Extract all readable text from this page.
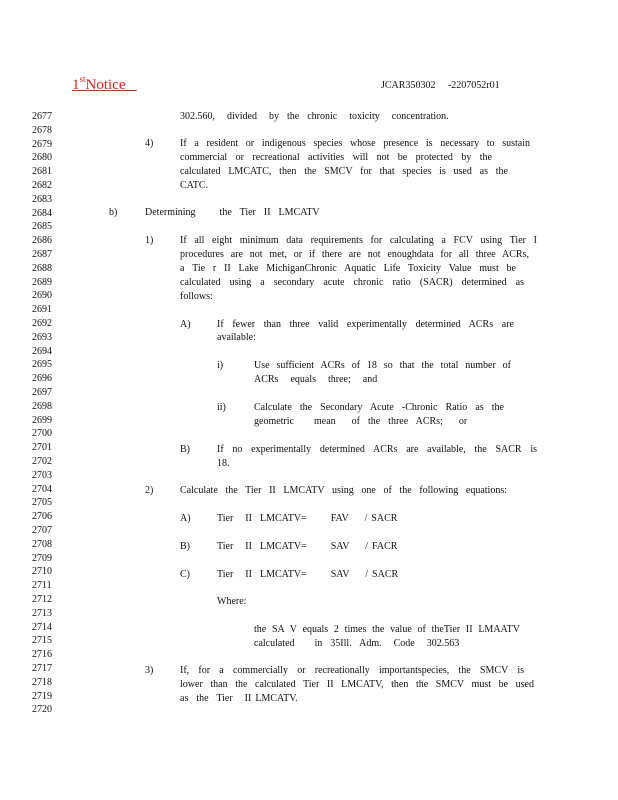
1stNotice	JCAR350302     -2207052r01
2677
2678
2679
2680
2681
2682
2683
2684
2685
2686
2687
2688
2689
2690
2691
2692
2693
2694
2695
2696
2697
2698
2699
2700
2701
2702
2703
2704
2705
2706
2707
2708
2709
2710
2711
2712
2713
2714
2715
2716
2717
2718
2719
2720
302.560,   divided   by  the  chronic   toxicity   concentration.
4)	If a resident or indigenous species whose presence is necessary to sustain
commercial or recreational activities will not be protected by the
calculated LMCATC, then the SMCV for that species is used as the
CATC.
b)	Determining      the  Tier  II  LMCATV
1)	If all eight minimum data requirements for calculating a FCV using Tier I
procedures are not met, or if there are not enoughdata for all three ACRs,
a Tie r II Lake MichiganChronic Aquatic Life Toxicity Value must be
calculated using a secondary acute chronic ratio (SACR) determined as
follows:
A)	If fewer than three valid experimentally determined ACRs are
available:
i)	Use sufficient ACRs of 18 so that the total number of
ACRs   equals   three;   and
ii)	Calculate the Secondary Acute -Chronic Ratio as the
geometric     mean    of  the  three  ACRs;    or
B)	If no experimentally determined ACRs are available, the SACR is
18.
2)	Calculate the Tier II LMCATV using one of the following equations:
A)	Tier   II  LMCATV=      FAV    / SACR
B)	Tier   II  LMCATV=      SAV    / FACR
C)	Tier   II  LMCATV=      SAV    / SACR
Where:
the SA V equals 2 times the value of theTier II LMAATV
calculated     in  35Ill.  Adm.   Code   302.563
3)	If, for a commercially or recreationally importantspecies, the SMCV is
lower than the calculated Tier II LMCATV, then the SMCV must be used
as  the  Tier   II LMCATV.
